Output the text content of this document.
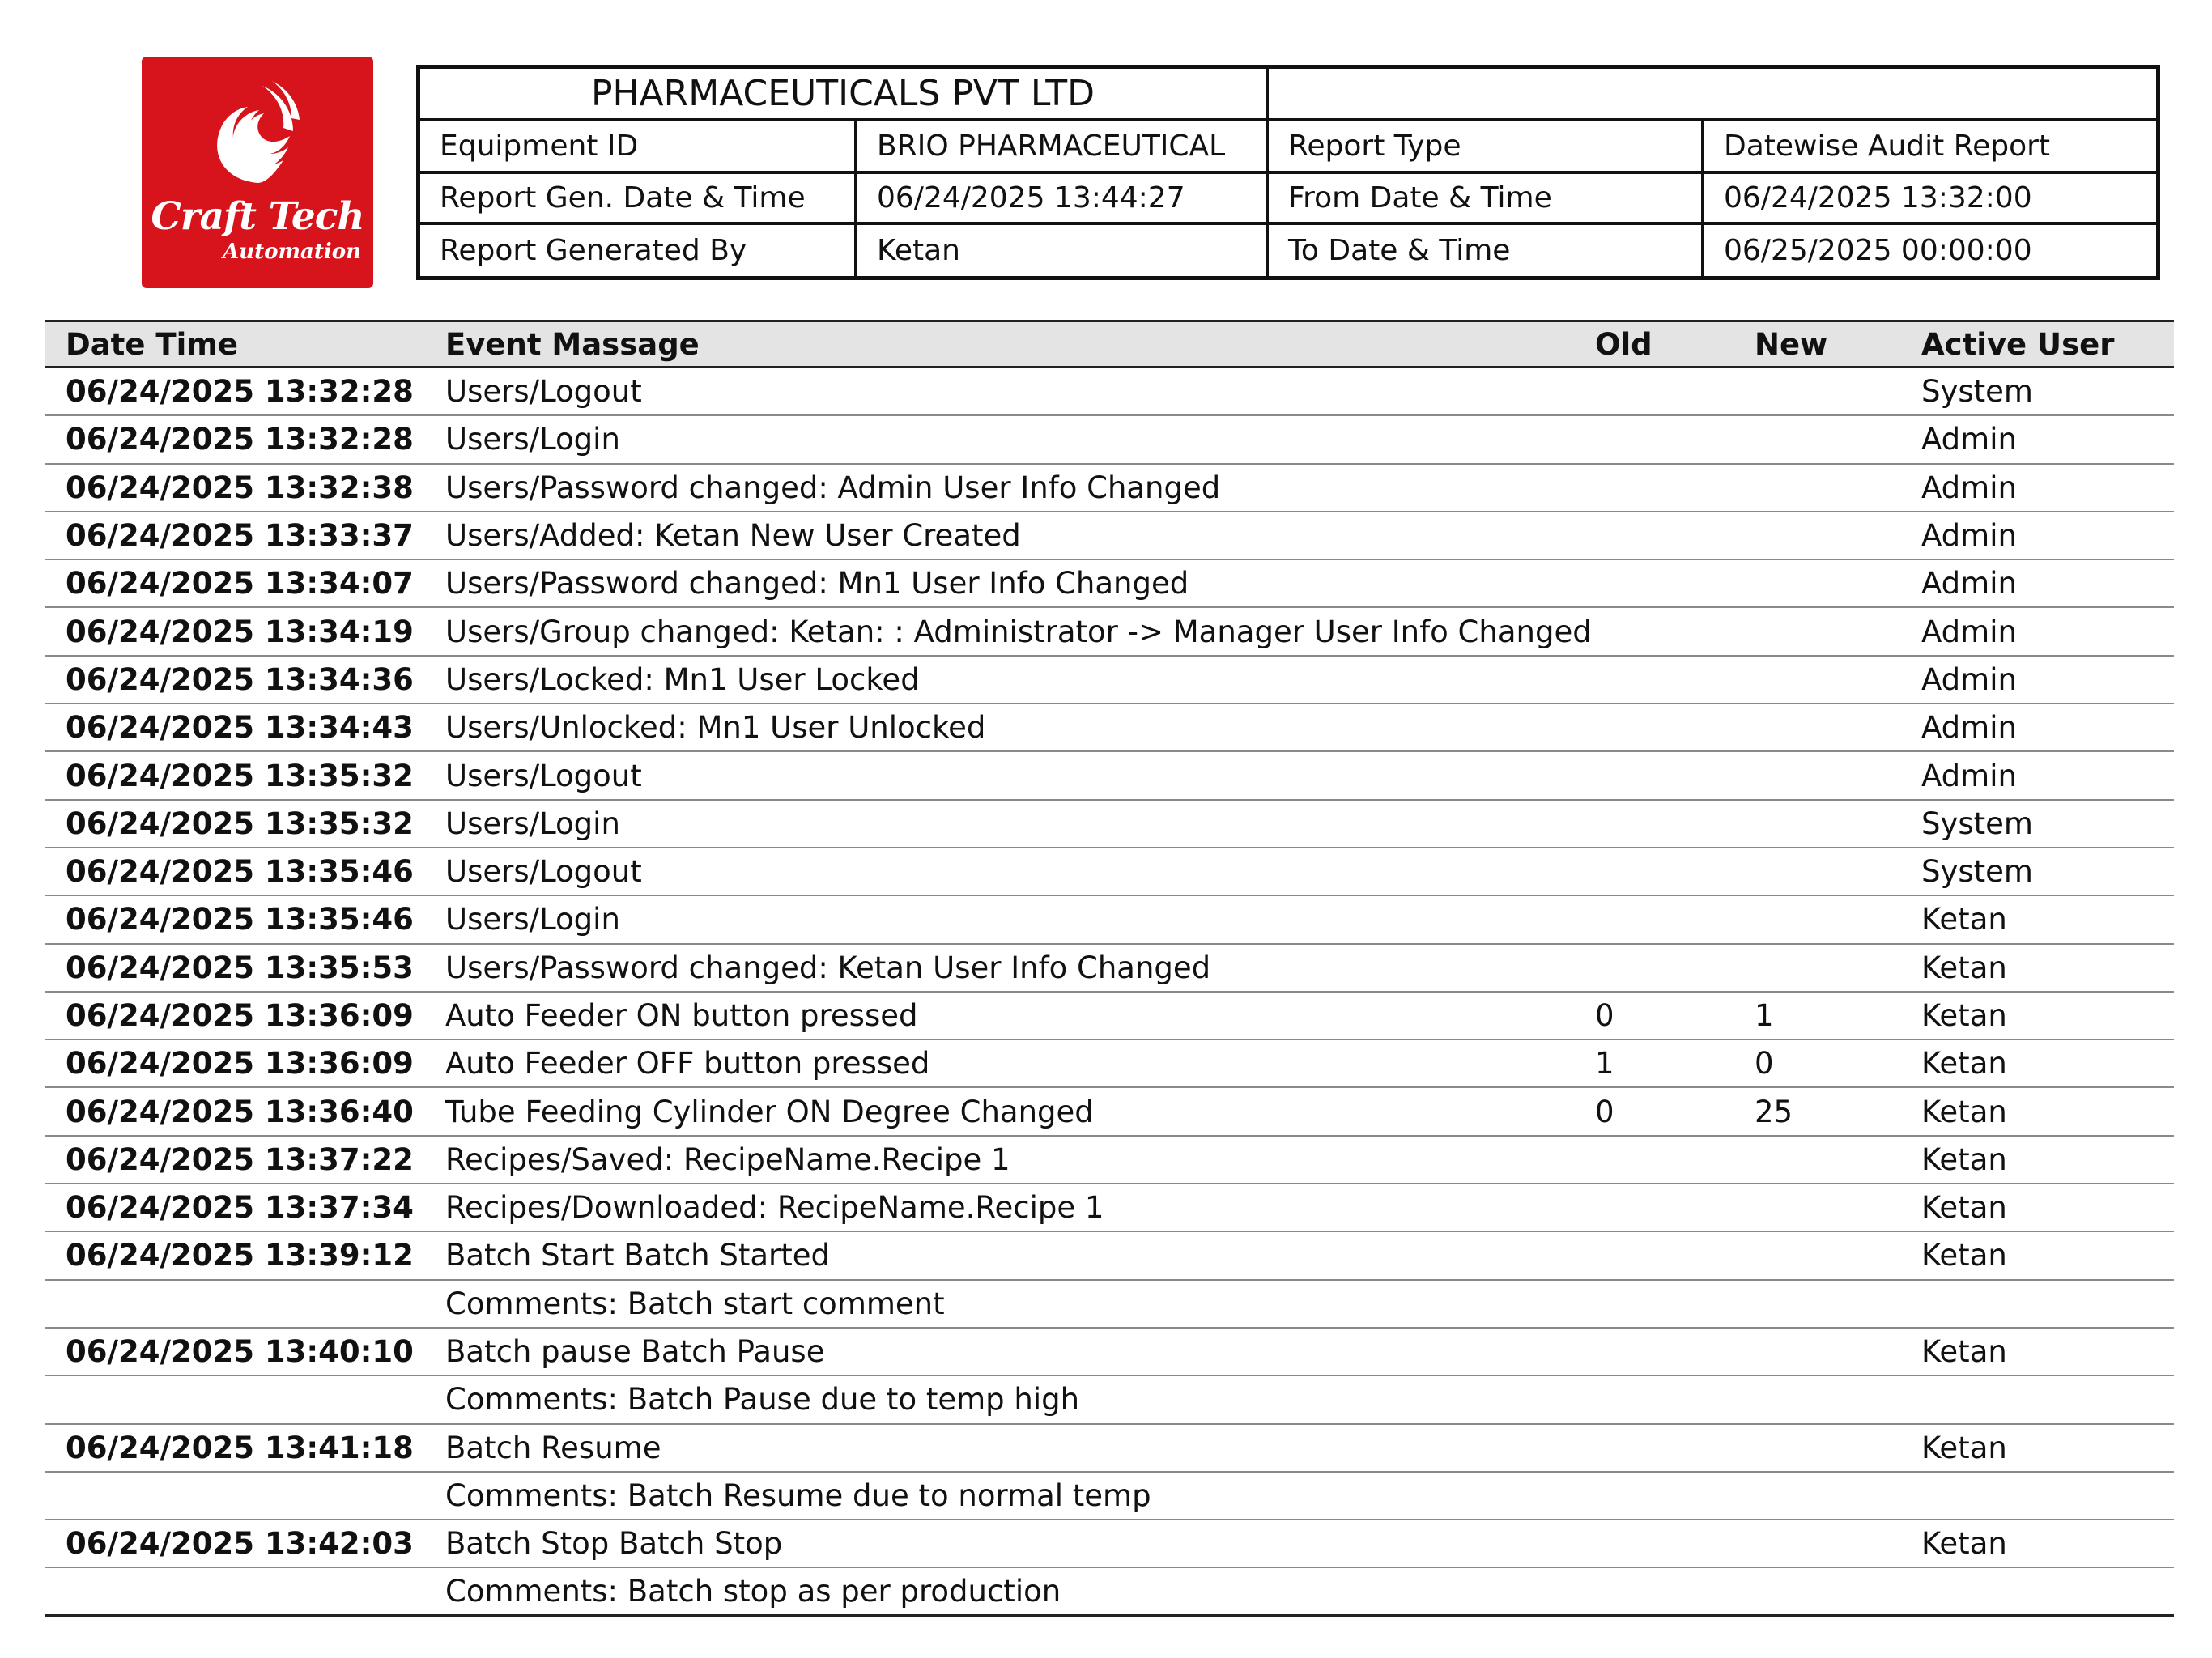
Craft Tech
Automation
PHARMACEUTICALS PVT LTD
Equipment ID	BRIO PHARMACEUTICAL	Report Type	Datewise Audit Report
Report Gen. Date & Time	06/24/2025 13:44:27	From Date & Time	06/24/2025 13:32:00
Report Generated By	Ketan	To Date & Time	06/25/2025 00:00:00
Date Time	Event Massage	Old	New	Active User
06/24/2025 13:32:28 Users/Logout	System
06/24/2025 13:32:28 Users/Login	Admin
06/24/2025 13:32:38 Users/Password changed: Admin User Info Changed	Admin
06/24/2025 13:33:37 Users/Added: Ketan New User Created	Admin
06/24/2025 13:34:07 Users/Password changed: Mn1 User Info Changed	Admin
06/24/2025 13:34:19 Users/Group changed: Ketan: : Administrator -> Manager User Info Changed	Admin
06/24/2025 13:34:36 Users/Locked: Mn1 User Locked	Admin
06/24/2025 13:34:43 Users/Unlocked: Mn1 User Unlocked	Admin
06/24/2025 13:35:32 Users/Logout	Admin
06/24/2025 13:35:32 Users/Login	System
06/24/2025 13:35:46 Users/Logout	System
06/24/2025 13:35:46 Users/Login	Ketan
06/24/2025 13:35:53 Users/Password changed: Ketan User Info Changed	Ketan
06/24/2025 13:36:09 Auto Feeder ON button pressed	0	1	Ketan
06/24/2025 13:36:09 Auto Feeder OFF button pressed	1	0	Ketan
06/24/2025 13:36:40 Tube Feeding Cylinder ON Degree Changed	0	25	Ketan
06/24/2025 13:37:22 Recipes/Saved: RecipeName.Recipe 1	Ketan
06/24/2025 13:37:34 Recipes/Downloaded: RecipeName.Recipe 1	Ketan
06/24/2025 13:39:12 Batch Start Batch Started	Ketan
Comments: Batch start comment
06/24/2025 13:40:10 Batch pause Batch Pause	Ketan
Comments: Batch Pause due to temp high
06/24/2025 13:41:18 Batch Resume	Ketan
Comments: Batch Resume due to normal temp
06/24/2025 13:42:03 Batch Stop Batch Stop	Ketan
Comments: Batch stop as per production
